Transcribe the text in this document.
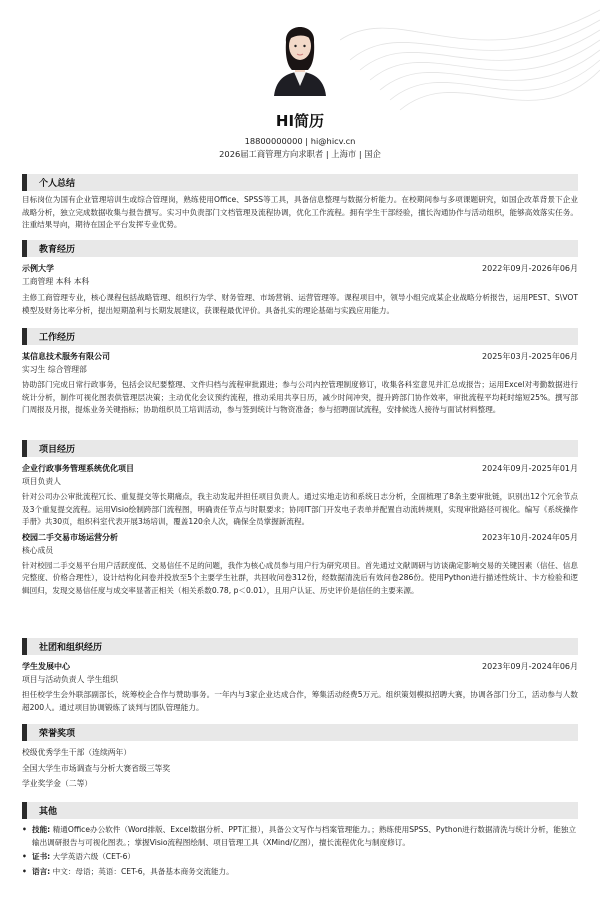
HI简历
18800000000 | hi@hicv.cn
2026届工商管理方向求职者 | 上海市 | 国企
个人总结
目标岗位为国有企业管理培训生或综合管理岗，熟练使用Office、SPSS等工具，具备信息整理与数据分析能力。在校期间参与多项课题研究，如国企改革背景下企业战略分析，独立完成数据收集与报告撰写。实习中负责部门文档管理及流程协调，优化工作流程。拥有学生干部经验，擅长沟通协作与活动组织，能够高效落实任务。注重结果导向，期待在国企平台发挥专业优势。
教育经历
示例大学	2022年09月-2026年06月
工商管理 本科 本科
主修工商管理专业，核心课程包括战略管理、组织行为学、财务管理、市场营销、运营管理等。课程项目中，领导小组完成某企业战略分析报告，运用PEST、S\VOT模型及财务比率分析，提出短期盈利与长期发展建议，获课程最优评价。具备扎实的理论基础与实践应用能力。
工作经历
某信息技术服务有限公司	2025年03月-2025年06月
实习生 综合管理部
协助部门完成日常行政事务，包括会议纪要整理、文件归档与流程审批跟进；参与公司内控管理制度修订，收集各科室意见并汇总成报告；运用Excel对考勤数据进行统计分析，制作可视化图表供管理层决策；主动优化会议预约流程，推动采用共享日历，减少时间冲突，提升跨部门协作效率，审批流程平均耗时缩短25%。撰写部门周报及月报，提炼业务关键指标；协助组织员工培训活动，参与签到统计与物资准备；参与招聘面试流程，安排候选人接待与面试材料整理。
项目经历
企业行政事务管理系统优化项目	2024年09月-2025年01月
项目负责人
针对公司办公审批流程冗长、重复提交等长期痛点，我主动发起并担任项目负责人。通过实地走访和系统日志分析，全面梳理了8条主要审批链，识别出12个冗余节点及3个重复提交流程。运用Visio绘制跨部门流程图，明确责任节点与时限要求；协同IT部门开发电子表单并配置自动流转规则，实现审批路径可视化。编写《系统操作手册》共30页，组织科室代表开展3场培训，覆盖120余人次，确保全员掌握新流程。
校园二手交易市场运营分析	2023年10月-2024年05月
核心成员
针对校园二手交易平台用户活跃度低、交易信任不足的问题，我作为核心成员参与用户行为研究项目。首先通过文献调研与访谈确定影响交易的关键因素（信任、信息完整度、价格合理性），设计结构化问卷并投放至5个主要学生社群，共回收问卷312份，经数据清洗后有效问卷286份。使用Python进行描述性统计、卡方检验和逻辑回归，发现交易信任度与成交率显著正相关（相关系数0.78, p＜0.01），且用户认证、历史评价是信任的主要来源。
社团和组织经历
学生发展中心	2023年09月-2024年06月
项目与活动负责人 学生组织
担任校学生会外联部副部长，统筹校企合作与赞助事务。一年内与3家企业达成合作，筹集活动经费5万元。组织策划模拟招聘大赛，协调各部门分工，活动参与人数超200人。通过项目协调锻炼了谈判与团队管理能力。
荣誉奖项
校级优秀学生干部（连续两年）
全国大学生市场调查与分析大赛省级三等奖
学业奖学金（二等）
其他
• 技能: 精通Office办公软件（Word排版、Excel数据分析、PPT汇报），具备公文写作与档案管理能力。；熟练使用SPSS、Python进行数据清洗与统计分析，能独立输出调研报告与可视化图表。；掌握Visio流程图绘制、项目管理工具（XMind/亿图），擅长流程优化与制度修订。
• 证书: 大学英语六级（CET-6）
• 语言: 中文：母语；英语：CET-6，具备基本商务交流能力。
